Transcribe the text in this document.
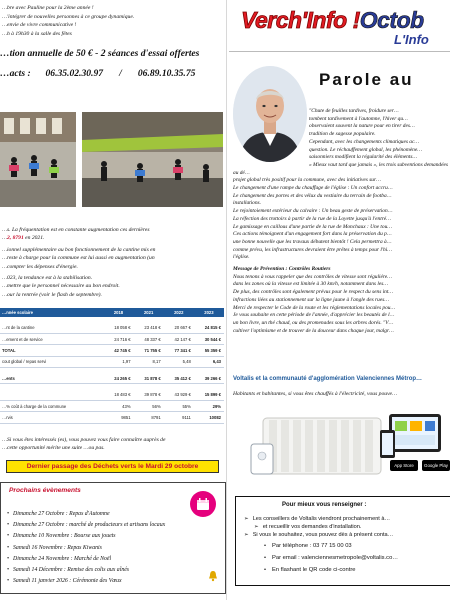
…bre avec Pauline pour la 2ème année !
…'intégrer de nouvelles personnes à ce groupe dynamique.
…envie de vivre communicative !
…h à 19h30 à la salle des fêtes
…tion annuelle de 50 € - 2 séances d'essai offertes
…acts : 06.35.02.30.97 / 06.89.10.35.75

…s. La fréquentation est en constante augmentation ces dernières

…2, 8791 en 2021.

…ionnel supplémentaire au bon fonctionnement de la cantine mis en

…reste à charge pour la commune est lui aussi en augmentation (un

…compter les dépenses d'énergie.

…023, la tendance est à la stabilisation.

…mettre que le personnel nécessaire au bon endroit.

…our la rentrée (voir le flash de septembre).

…nnée scolaire	2018	2021	2022	2023

…nt de la cantine	18 058 €	23 418 €	20 667 €	24 815 €
…ement et de service	24 716 €	48 337 €	42 147 €	30 544 €
TOTAL	42 745 €	71 755 €	77 341 €	55 359 €
cout global / repas servi	1,97	8,17	5,48	6,43

…ents	24 265 €	31 878 €	35 412 €	39 266 €

	18 483 €	39 878 €	43 929 €	15 899 €
…% coût à charge de la commune	43%	56%	55%	29%
…rvis	9851	8791	9111	10082
…Si vous êtes intéressés (es), vous pouvez vous faire connaître auprès de
…cette opportunité mérite une suite …ou pas.
Dernier passage des Déchets verts le Mardi 29 octobre
Prochains évènements
• Dimanche 27 Octobre : Repas d'Automne
• Dimanche 27 Octobre : marché de producteurs et artisans locaux
• Dimanche 10 Novembre : Bourse aux jouets
• Samedi 16 Novembre : Repas Kiwanis
• Dimanche 24 Novembre : Marché de Noël
• Samedi 14 Décembre : Remise des colis aux aînés
• Samedi 11 janvier 2026 : Cérémonie des Vœux
Verch'Info !Octob
L'Info
Parole au

"Chute de feuilles tardives, froidure ser…

tombent tardivement à l'automne, l'hiver qu…

observaient souvent la nature pour en tirer des…

tradition de sagesse populaire.

Cependant, avec les changements climatiques ac…

question. Le réchauffement global, les phénomène…

saisonniers modifient la régularité des éléments…

« Mieux vaut tard que jamais », les trois subventions demandées au dé…

projet global très positif pour la commune, avec des initiatives sur…

Le changement d'une rampe du chauffage de l'église : Un confort accru…

Le changement des portes et des vélux du vestiaire du terrain de footba…

installations.

Le rejointoiement extérieur du calvaire : Un beau geste de préservation…

La réfection des trottoirs à partir de la rue de la Loyette jusqu'à l'entré…

Le gamissage en caillous d'une partie de la rue de Monchaux : Une tou…

Ces actions témoignent d'un engagement fort dans la préservation du p…

une bonne nouvelle que les travaux débutent bientôt ! Cela permettra à…

comme prévu, les infrastructures devraient être prêtes à temps pour l'hi…

l'église.

Message de Prévention : Contrôles Routiers

Nous tenons à vous rappeler que des contrôles de vitesse sont réguliére…

dans les zones où la vitesse est limitée à 30 km/h, notamment dans les…

De plus, des contrôles sont également prévus pour le respect du sens int…

infractions liées au stationnement sur la ligne jaune à l'angle des rues…

Merci de respecter le Code de la route et les réglementations locales pou…

Je vous souhaite en cette période de l'année, d'apprécier les beautés de l…

un bon livre, un thé chaud, ou des promenades sous les arbres dorés. "V…

cultiver l'optimisme et de trouver de la douceur dans chaque jour, malgr…

Voltalis et la communauté d'agglomération Valenciennes Métrop…
Habitants et habitantes, si vous êtes chauffés à l'électricité, vous pouve…
App Store Google Play
Pour mieux vous renseigner :
➢ Les conseillers de Voltalis viendront prochainement à…
➢ et recueillir vos demandes d'installation.
➢ Si vous le souhaitez, vous pouvez dès à présent conta…
• Par téléphone : 03 77 15 00 03
• Par email : valenciennesmetropole@voltalis.co…
• En flashant le QR code ci-contre
